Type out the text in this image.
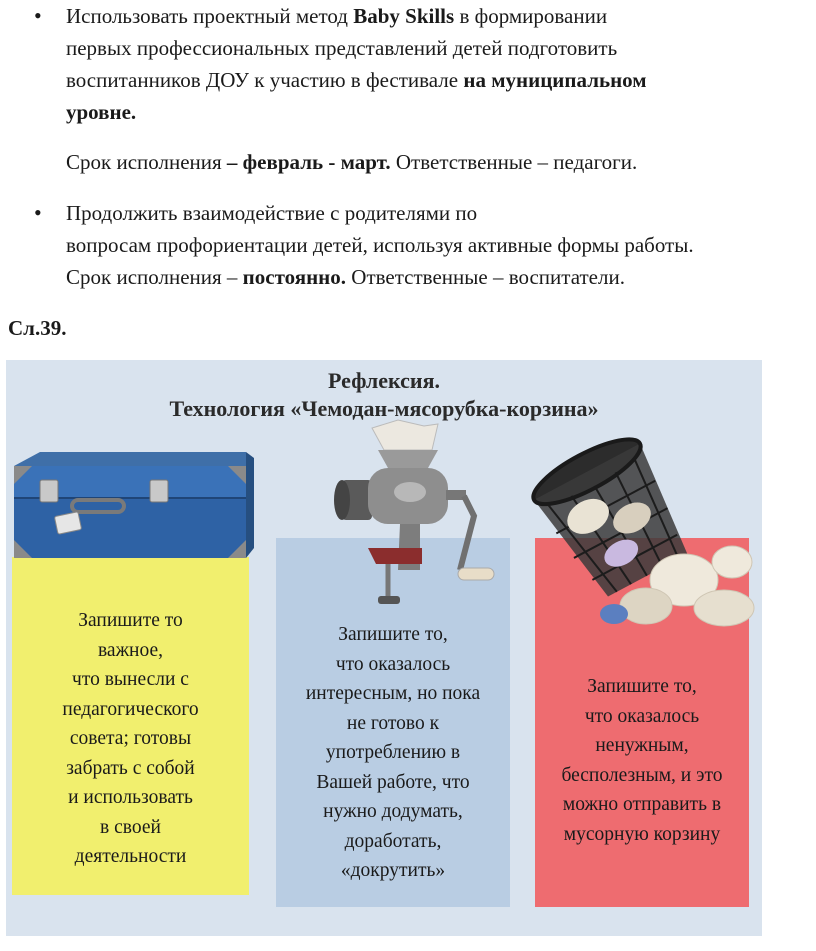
• Использовать проектный метод Baby Skills в формировании
первых профессиональных представлений детей подготовить
воспитанников ДОУ к участию в фестивале на муниципальном
уровне.
Срок исполнения – февраль - март. Ответственные – педагоги.
• Продолжить взаимодействие с родителями по
вопросам профориентации детей, используя активные формы работы.
Срок исполнения – постоянно. Ответственные – воспитатели.
Сл.39.
Рефлексия.
Технология «Чемодан-мясорубка-корзина»
Запишите то
важное,
что вынесли с
педагогического
совета; готовы
забрать с собой
и использовать
в своей
деятельности
Запишите то,
что оказалось
интересным, но пока
не готово к
употреблению в
Вашей работе, что
нужно додумать,
доработать,
«докрутить»
Запишите то,
что оказалось
ненужным,
бесполезным, и это
можно отправить в
мусорную корзину
